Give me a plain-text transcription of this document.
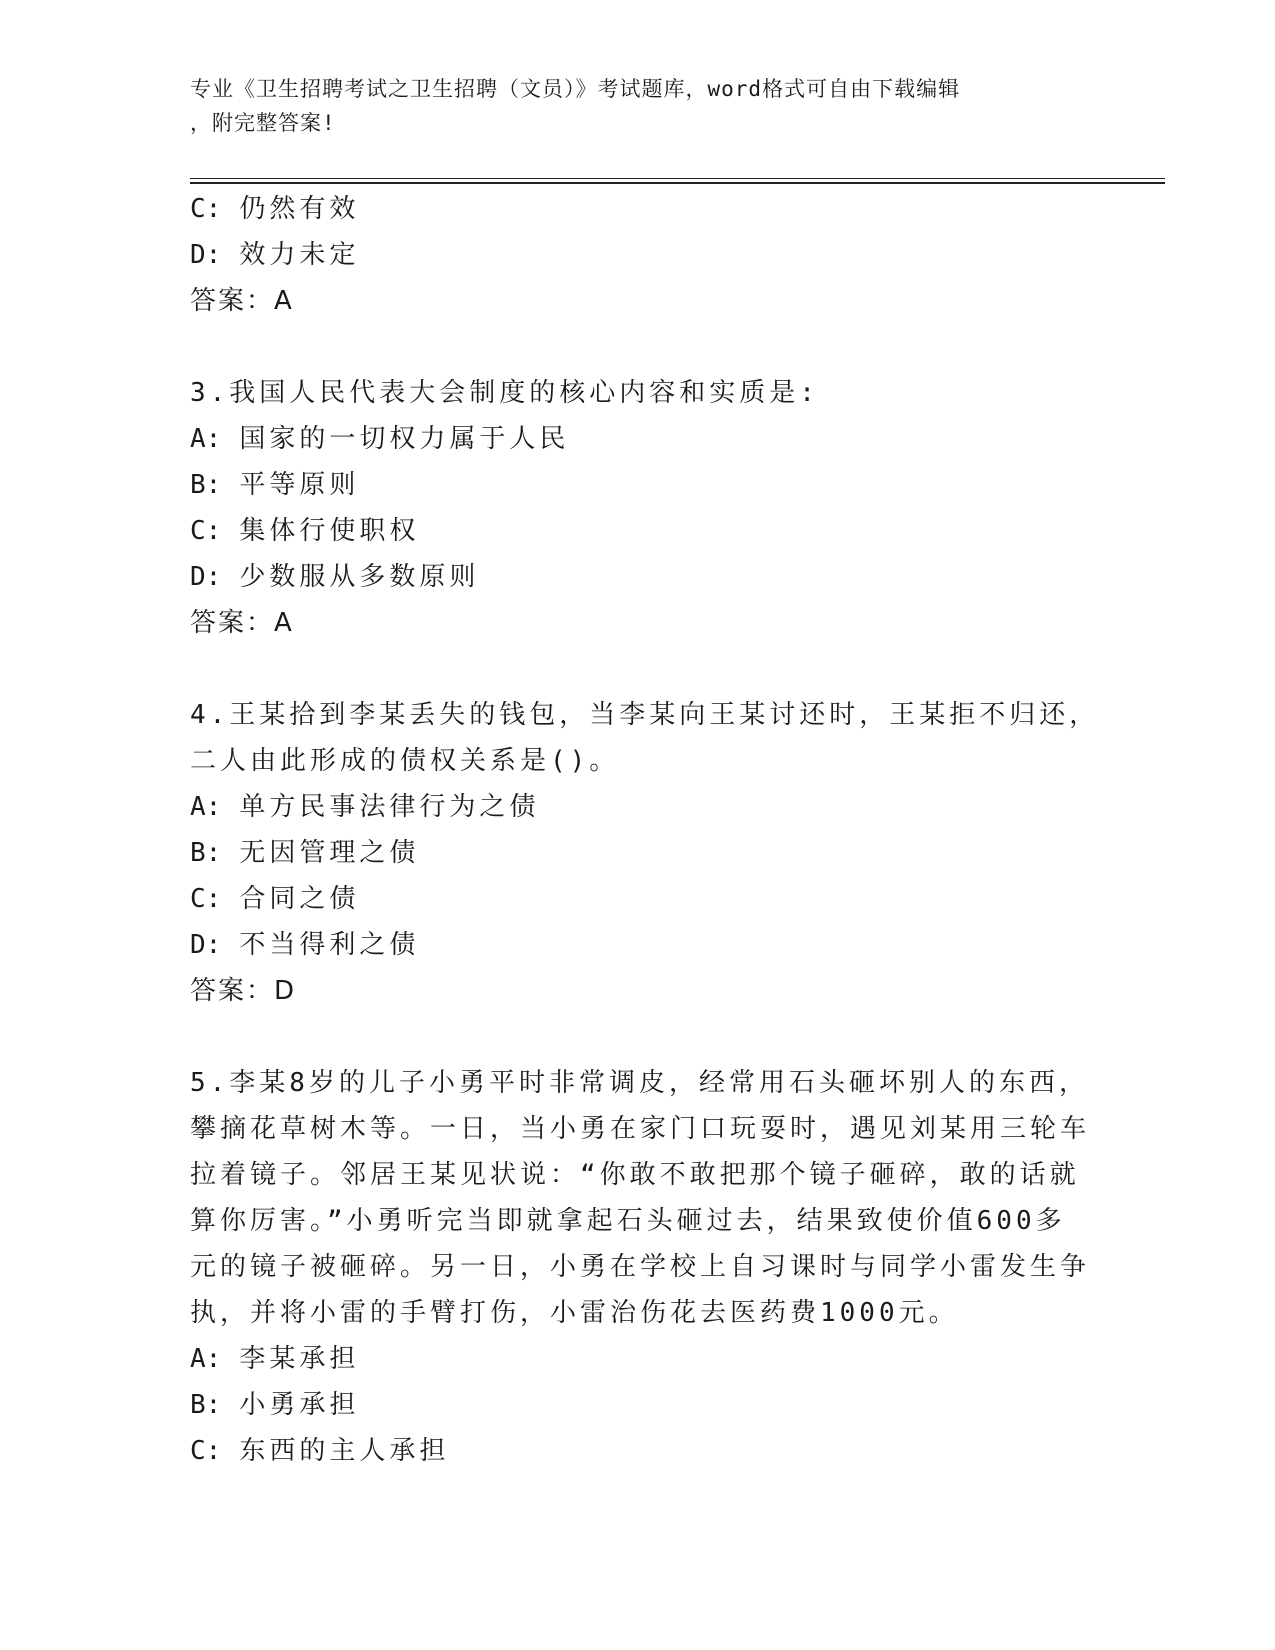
专业《卫生招聘考试之卫生招聘（文员）》考试题库，word格式可自由下载编辑
，附完整答案!
C: 仍然有效
D: 效力未定
答案：A
3.我国人民代表大会制度的核心内容和实质是:
A: 国家的一切权力属于人民
B: 平等原则
C: 集体行使职权
D: 少数服从多数原则
答案：A
4.王某拾到李某丢失的钱包，当李某向王某讨还时，王某拒不归还，
二人由此形成的债权关系是()。
A: 单方民事法律行为之债
B: 无因管理之债
C: 合同之债
D: 不当得利之债
答案：D
5.李某8岁的儿子小勇平时非常调皮，经常用石头砸坏别人的东西，
攀摘花草树木等。一日，当小勇在家门口玩耍时，遇见刘某用三轮车
拉着镜子。邻居王某见状说：“你敢不敢把那个镜子砸碎，敢的话就
算你厉害。”小勇听完当即就拿起石头砸过去，结果致使价值600多
元的镜子被砸碎。另一日，小勇在学校上自习课时与同学小雷发生争
执，并将小雷的手臂打伤，小雷治伤花去医药费1000元。
A: 李某承担
B: 小勇承担
C: 东西的主人承担
